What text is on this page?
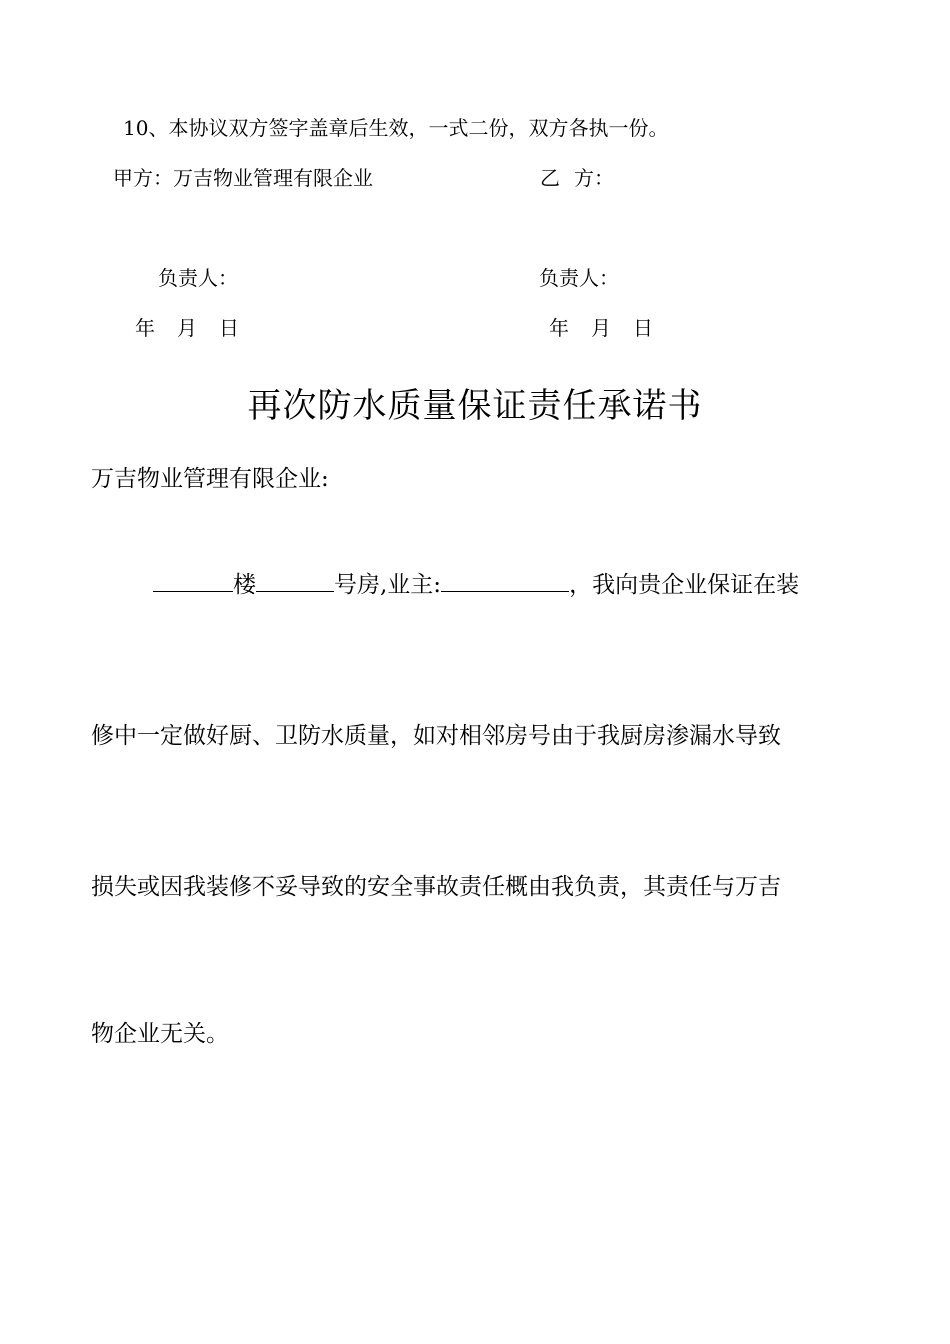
10、本协议双方签字盖章后生效，一式二份，双方各执一份。
甲方：万吉物业管理有限企业	乙 方：
负责人：	负责人：
年 月 日	年 月 日
再次防水质量保证责任承诺书
万吉物业管理有限企业:
楼	号房,业主:	，我向贵企业保证在装
修中一定做好厨、卫防水质量，如对相邻房号由于我厨房渗漏水导致
损失或因我装修不妥导致的安全事故责任概由我负责，其责任与万吉
物企业无关。
